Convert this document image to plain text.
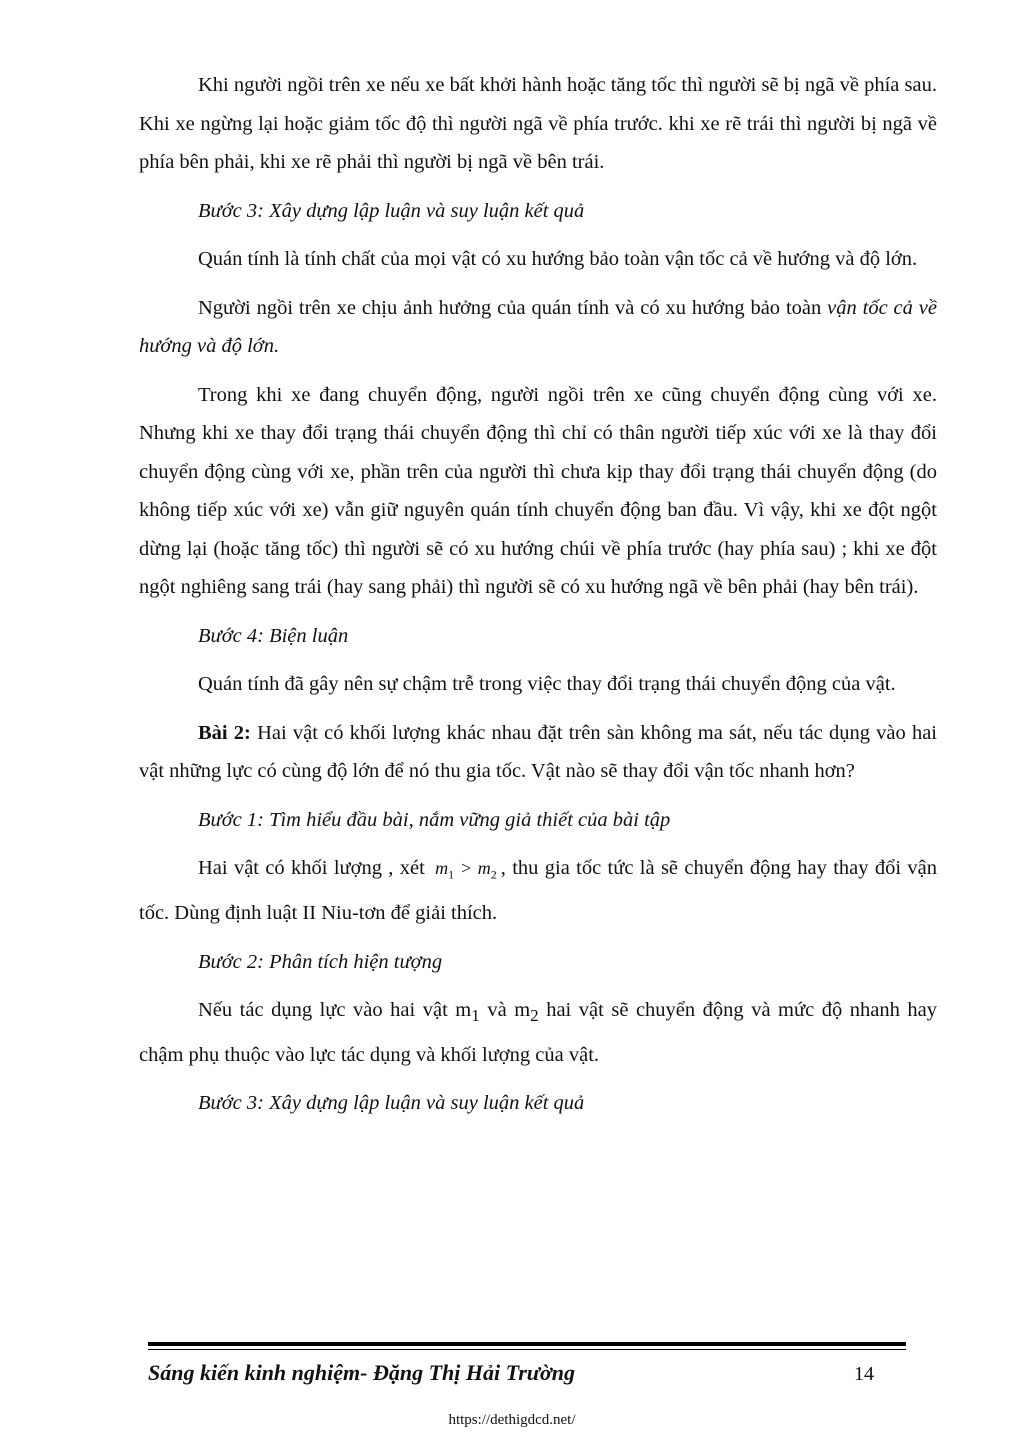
Khi người ngồi trên xe nếu xe bất khởi hành hoặc tăng tốc thì người sẽ bị ngã về phía sau. Khi xe ngừng lại hoặc giảm tốc độ thì người ngã về phía trước. khi xe rẽ trái thì người bị ngã về phía bên phải, khi xe rẽ phải thì người bị ngã về bên trái.

Bước 3: Xây dựng lập luận và suy luận kết quả

Quán tính là tính chất của mọi vật có xu hướng bảo toàn vận tốc cả về hướng và độ lớn.

Người ngồi trên xe chịu ảnh hưởng của quán tính và có xu hướng bảo toàn vận tốc cả về hướng và độ lớn.

Trong khi xe đang chuyển động, người ngồi trên xe cũng chuyển động cùng với xe. Nhưng khi xe thay đổi trạng thái chuyển động thì chỉ có thân người tiếp xúc với xe là thay đổi chuyển động cùng với xe, phần trên của người thì chưa kịp thay đổi trạng thái chuyển động (do không tiếp xúc với xe) vẫn giữ nguyên quán tính chuyển động ban đầu. Vì vậy, khi xe đột ngột dừng lại (hoặc tăng tốc) thì người sẽ có xu hướng chúi về phía trước (hay phía sau) ; khi xe đột ngột nghiêng sang trái (hay sang phải) thì người sẽ có xu hướng ngã về bên phải (hay bên trái).

Bước 4: Biện luận

Quán tính đã gây nên sự chậm trễ trong việc thay đổi trạng thái chuyển động của vật.

Bài 2: Hai vật có khối lượng khác nhau đặt trên sàn không ma sát, nếu tác dụng vào hai vật những lực có cùng độ lớn để nó thu gia tốc. Vật nào sẽ thay đổi vận tốc nhanh hơn?

Bước 1: Tìm hiểu đầu bài, nắm vững giả thiết của bài tập

Hai vật có khối lượng , xét $m_1 > m_2$ , thu gia tốc tức là sẽ chuyển động hay thay đổi vận tốc. Dùng định luật II Niu-tơn để giải thích.

Bước 2: Phân tích hiện tượng

Nếu tác dụng lực vào hai vật $m_1$ và $m_2$ hai vật sẽ chuyển động và mức độ nhanh hay chậm phụ thuộc vào lực tác dụng và khối lượng của vật.

Bước 3: Xây dựng lập luận và suy luận kết quả

Sáng kiến kinh nghiệm- Đặng Thị Hải Trường	14
https://dethigdcd.net/
